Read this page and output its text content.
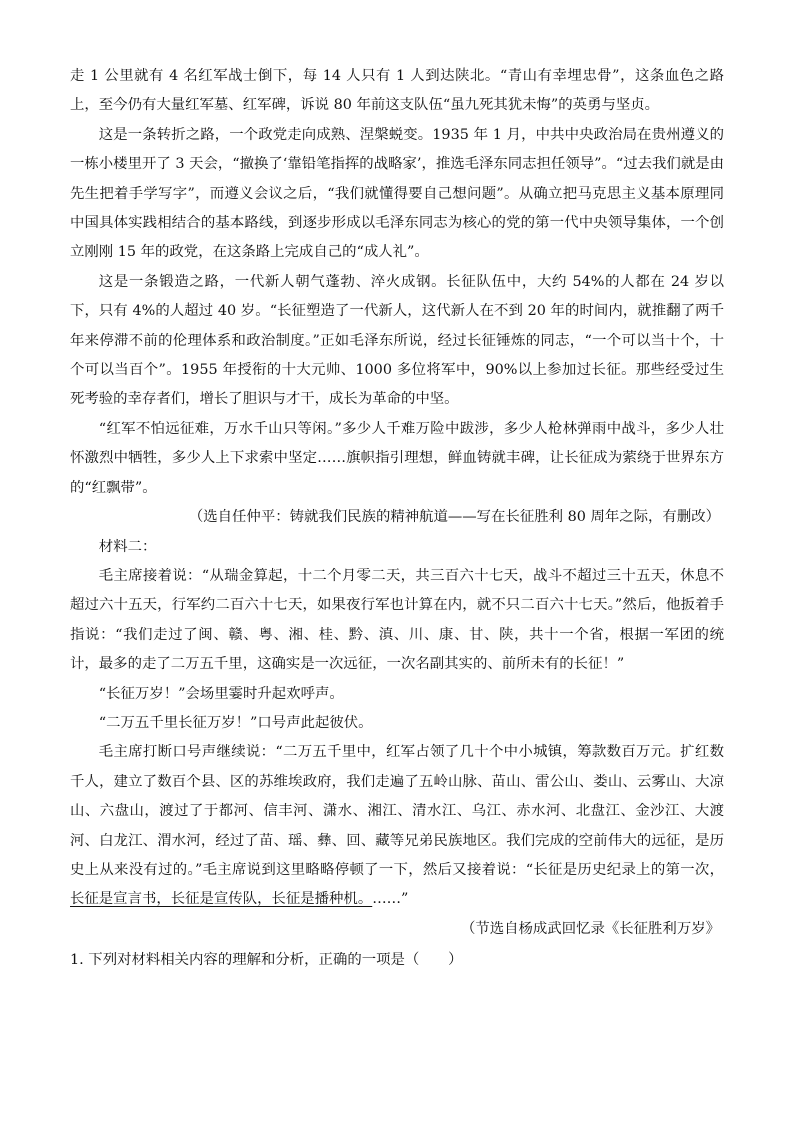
走 1 公里就有 4 名红军战士倒下，每 14 人只有 1 人到达陕北。“青山有幸埋忠骨”，这条血色之路上，至今仍有大量红军墓、红军碑，诉说 80 年前这支队伍“虽九死其犹未悔”的英勇与坚贞。

这是一条转折之路，一个政党走向成熟、涅槃蜕变。1935 年 1 月，中共中央政治局在贵州遵义的一栋小楼里开了 3 天会，“撤换了‘靠铅笔指挥的战略家’，推选毛泽东同志担任领导”。“过去我们就是由先生把着手学写字”，而遵义会议之后，“我们就懂得要自己想问题”。从确立把马克思主义基本原理同中国具体实践相结合的基本路线，到逐步形成以毛泽东同志为核心的党的第一代中央领导集体，一个创立刚刚 15 年的政党，在这条路上完成自己的“成人礼”。

这是一条锻造之路，一代新人朝气蓬勃、淬火成钢。长征队伍中，大约 54%的人都在 24 岁以下，只有 4%的人超过 40 岁。“长征塑造了一代新人，这代新人在不到 20 年的时间内，就推翻了两千年来停滞不前的伦理体系和政治制度。”正如毛泽东所说，经过长征锤炼的同志，“一个可以当十个，十个可以当百个”。1955 年授衔的十大元帅、1000 多位将军中，90%以上参加过长征。那些经受过生死考验的幸存者们，增长了胆识与才干，成长为革命的中坚。

“红军不怕远征难，万水千山只等闲。”多少人千难万险中跋涉，多少人枪林弹雨中战斗，多少人壮怀激烈中牺牲，多少人上下求索中坚定……旗帜指引理想，鲜血铸就丰碑，让长征成为萦绕于世界东方的“红飘带”。

（选自任仲平：铸就我们民族的精神航道——写在长征胜利 80 周年之际，有删改）

材料二：

毛主席接着说：“从瑞金算起，十二个月零二天，共三百六十七天，战斗不超过三十五天，休息不超过六十五天，行军约二百六十七天，如果夜行军也计算在内，就不只二百六十七天。”然后，他扳着手指说：“我们走过了闽、赣、粤、湘、桂、黔、滇、川、康、甘、陕，共十一个省，根据一军团的统计，最多的走了二万五千里，这确实是一次远征，一次名副其实的、前所未有的长征！”

“长征万岁！”会场里霎时升起欢呼声。

“二万五千里长征万岁！”口号声此起彼伏。

毛主席打断口号声继续说：“二万五千里中，红军占领了几十个中小城镇，筹款数百万元。扩红数千人，建立了数百个县、区的苏维埃政府，我们走遍了五岭山脉、苗山、雷公山、娄山、云雾山、大凉山、六盘山，渡过了于都河、信丰河、潇水、湘江、清水江、乌江、赤水河、北盘江、金沙江、大渡河、白龙江、渭水河，经过了苗、瑶、彝、回、藏等兄弟民族地区。我们完成的空前伟大的远征，是历史上从来没有过的。”毛主席说到这里略略停顿了一下，然后又接着说：“长征是历史纪录上的第一次，长征是宣言书，长征是宣传队，长征是播种机。……”

（节选自杨成武回忆录《长征胜利万岁》

1. 下列对材料相关内容的理解和分析，正确的一项是（　　）
